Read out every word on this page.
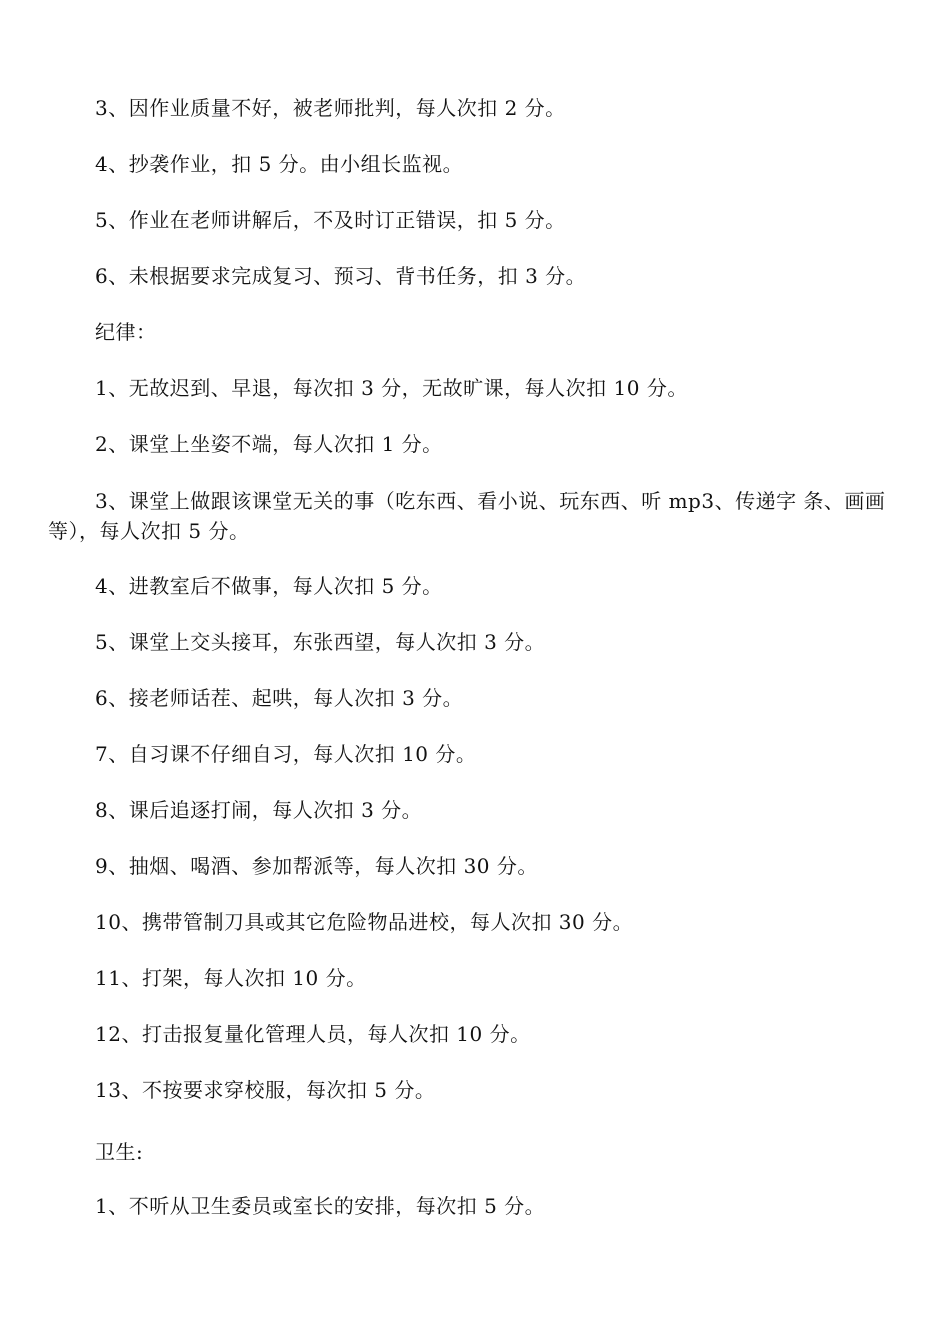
3、因作业质量不好，被老师批判，每人次扣 2 分。
4、抄袭作业，扣 5 分。由小组长监视。
5、作业在老师讲解后，不及时订正错误，扣 5 分。
6、未根据要求完成复习、预习、背书任务，扣 3 分。
纪律：
1、无故迟到、早退，每次扣 3 分，无故旷课，每人次扣 10 分。
2、课堂上坐姿不端，每人次扣 1 分。
3、课堂上做跟该课堂无关的事（吃东西、看小说、玩东西、听 mp3、传递字 条、画画等），每人次扣 5 分。
4、进教室后不做事，每人次扣 5 分。
5、课堂上交头接耳，东张西望，每人次扣 3 分。
6、接老师话茬、起哄，每人次扣 3 分。
7、自习课不仔细自习，每人次扣 10 分。
8、课后追逐打闹，每人次扣 3 分。
9、抽烟、喝酒、参加帮派等，每人次扣 30 分。
10、携带管制刀具或其它危险物品进校，每人次扣 30 分。
11、打架，每人次扣 10 分。
12、打击报复量化管理人员，每人次扣 10 分。
13、不按要求穿校服，每次扣 5 分。
卫生:
1、不听从卫生委员或室长的安排，每次扣 5 分。
